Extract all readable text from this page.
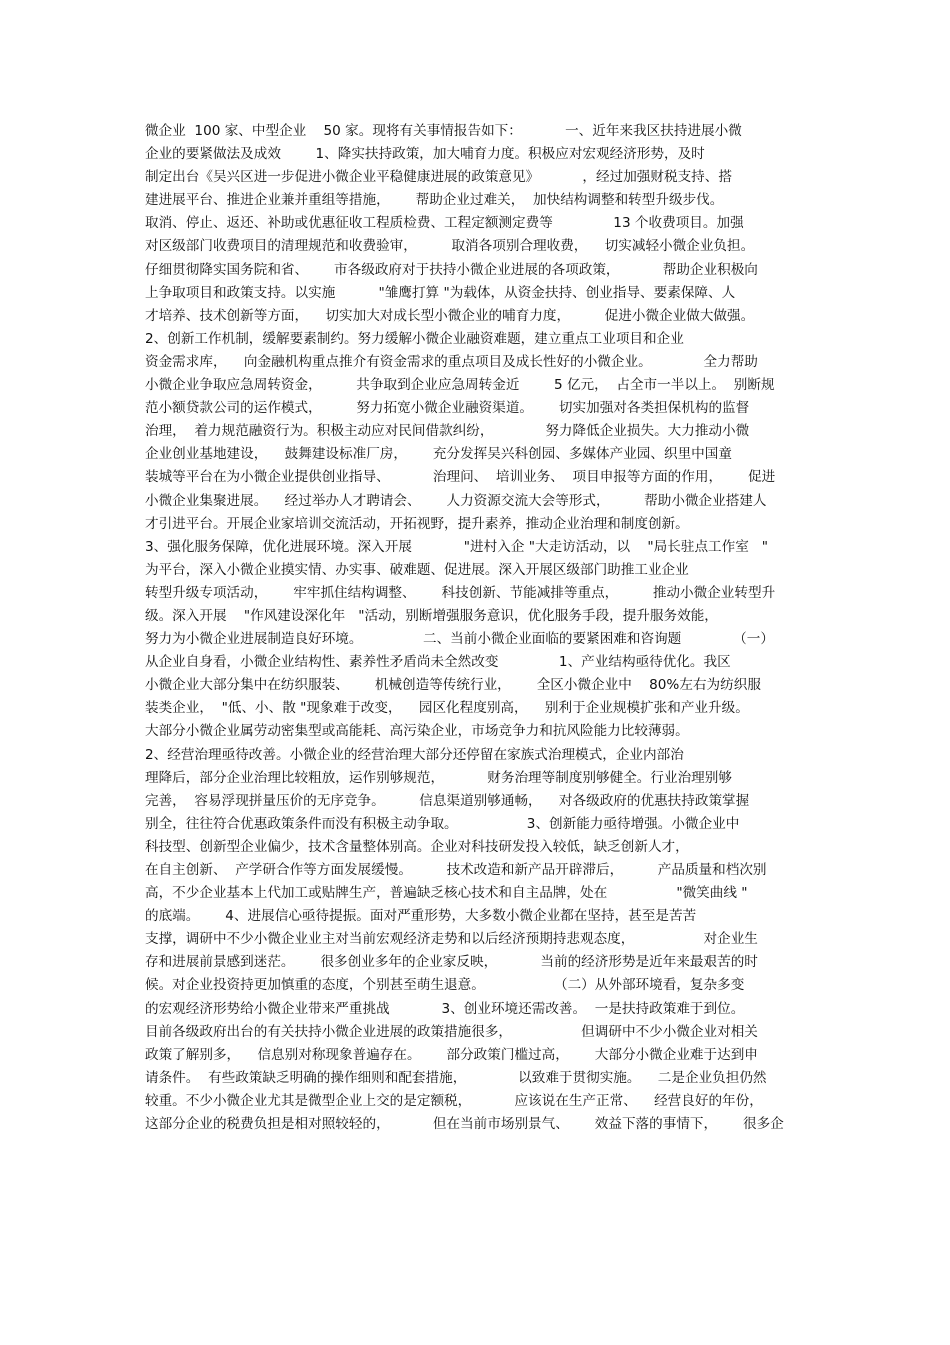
微企业  100 家、中型企业    50 家。现将有关事情报告如下：          一、近年来我区扶持进展小微
企业的要紧做法及成效        1、降实扶持政策，加大哺育力度。积极应对宏观经济形势，及时
制定出台《吴兴区进一步促进小微企业平稳健康进展的政策意见》          ，经过加强财税支持、搭
建进展平台、推进企业兼并重组等措施，      帮助企业过难关，  加快结构调整和转型升级步伐。
取消、停止、返还、补助或优惠征收工程质检费、工程定额测定费等              13 个收费项目。加强
对区级部门收费项目的清理规范和收费验审，        取消各项别合理收费，    切实减轻小微企业负担。
仔细贯彻降实国务院和省、      市各级政府对于扶持小微企业进展的各项政策，          帮助企业积极向
上争取项目和政策支持。以实施          "雏鹰打算 "为载体，从资金扶持、创业指导、要素保障、人
才培养、技术创新等方面，    切实加大对成长型小微企业的哺育力度，        促进小微企业做大做强。
2、创新工作机制，缓解要素制约。努力缓解小微企业融资难题，建立重点工业项目和企业
资金需求库，    向金融机构重点推介有资金需求的重点项目及成长性好的小微企业。            全力帮助
小微企业争取应急周转资金，        共争取到企业应急周转金近        5 亿元，  占全市一半以上。  别断规
范小额贷款公司的运作模式，        努力拓宽小微企业融资渠道。      切实加强对各类担保机构的监督
治理，  着力规范融资行为。积极主动应对民间借款纠纷，            努力降低企业损失。大力推动小微
企业创业基地建设，    鼓舞建设标准厂房，      充分发挥吴兴科创园、多媒体产业园、织里中国童
装城等平台在为小微企业提供创业指导、          治理问、  培训业务、  项目申报等方面的作用，      促进
小微企业集聚进展。    经过举办人才聘请会、      人力资源交流大会等形式，        帮助小微企业搭建人
才引进平台。开展企业家培训交流活动，开拓视野，提升素养，推动企业治理和制度创新。
3、强化服务保障，优化进展环境。深入开展            "进村入企 "大走访活动，以    "局长驻点工作室   "
为平台，深入小微企业摸实情、办实事、破难题、促进展。深入开展区级部门助推工业企业
转型升级专项活动，      牢牢抓住结构调整、      科技创新、节能减排等重点，        推动小微企业转型升
级。深入开展    "作风建设深化年   "活动，别断增强服务意识，优化服务手段，提升服务效能，
努力为小微企业进展制造良好环境。              二、当前小微企业面临的要紧困难和咨询题            （一）
从企业自身看，小微企业结构性、素养性矛盾尚未全然改变              1、产业结构亟待优化。我区
小微企业大部分集中在纺织服装、      机械创造等传统行业，      全区小微企业中    80%左右为纺织服
装类企业，  "低、小、散 "现象难于改变，    园区化程度别高，    别利于企业规模扩张和产业升级。
大部分小微企业属劳动密集型或高能耗、高污染企业，市场竞争力和抗风险能力比较薄弱。
2、经营治理亟待改善。小微企业的经营治理大部分还停留在家族式治理模式，企业内部治
理降后，部分企业治理比较粗放，运作别够规范，          财务治理等制度别够健全。行业治理别够
完善，  容易浮现拼量压价的无序竞争。        信息渠道别够通畅，    对各级政府的优惠扶持政策掌握
别全，往往符合优惠政策条件而没有积极主动争取。                3、创新能力亟待增强。小微企业中
科技型、创新型企业偏少，技术含量整体别高。企业对科技研发投入较低，缺乏创新人才，
在自主创新、  产学研合作等方面发展缓慢。        技术改造和新产品开辟滞后，        产品质量和档次别
高，不少企业基本上代加工或贴牌生产，普遍缺乏核心技术和自主品牌，处在                "微笑曲线 "
的底端。      4、进展信心亟待提振。面对严重形势，大多数小微企业都在坚持，甚至是苦苦
支撑，调研中不少小微企业业主对当前宏观经济走势和以后经济预期持悲观态度，                对企业生
存和进展前景感到迷茫。      很多创业多年的企业家反映，          当前的经济形势是近年来最艰苦的时
候。对企业投资持更加慎重的态度，个别甚至萌生退意。                （二）从外部环境看，复杂多变
的宏观经济形势给小微企业带来严重挑战            3、创业环境还需改善。  一是扶持政策难于到位。
目前各级政府出台的有关扶持小微企业进展的政策措施很多，                但调研中不少小微企业对相关
政策了解别多，    信息别对称现象普遍存在。      部分政策门槛过高，      大部分小微企业难于达到申
请条件。  有些政策缺乏明确的操作细则和配套措施，            以致难于贯彻实施。    二是企业负担仍然
较重。不少小微企业尤其是微型企业上交的是定额税，          应该说在生产正常、    经营良好的年份，
这部分企业的税费负担是相对照较轻的，          但在当前市场别景气、      效益下落的事情下，      很多企
